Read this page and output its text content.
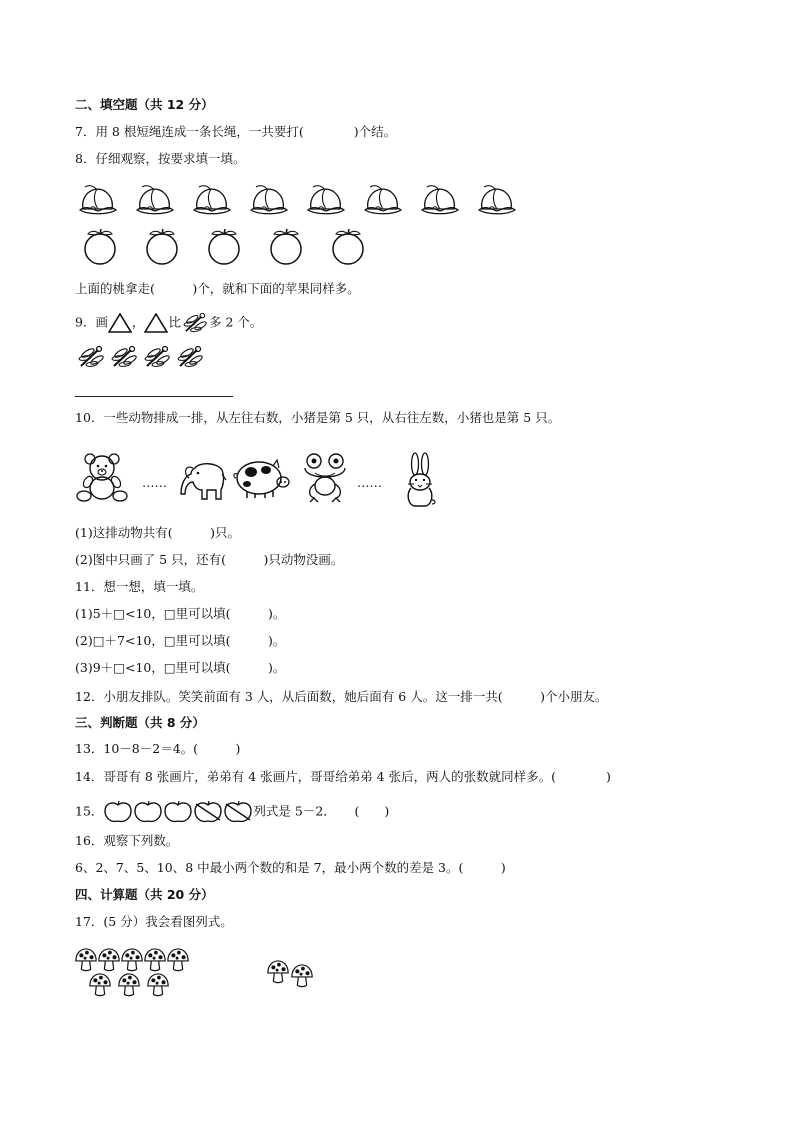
二、填空题（共 12 分）
7．用 8 根短绳连成一条长绳，一共要打(　　　　)个结。
8．仔细观察，按要求填一填。
上面的桃拿走(　　　)个，就和下面的苹果同样多。
9．画 ， 比 多 2 个。
10．一些动物排成一排，从左往右数，小猪是第 5 只，从右往左数，小猪也是第 5 只。
……	……
(1)这排动物共有(　　　)只。
(2)图中只画了 5 只，还有(　　　)只动物没画。
11．想一想，填一填。
(1)5＋□<10，□里可以填(　　　)。
(2)□＋7<10，□里可以填(　　　)。
(3)9＋□<10，□里可以填(　　　)。
12．小朋友排队。笑笑前面有 3 人，从后面数，她后面有 6 人。这一排一共(　　　)个小朋友。
三、判断题（共 8 分）
13．10－8－2＝4。(　　　)
14．哥哥有 8 张画片，弟弟有 4 张画片，哥哥给弟弟 4 张后，两人的张数就同样多。(　　　　)
15．	列式是 5－2．　　(　　)
16．观察下列数。
6、2、7、5、10、8 中最小两个数的和是 7，最小两个数的差是 3。(　　　)
四、计算题（共 20 分）
17．(5 分）我会看图列式。
